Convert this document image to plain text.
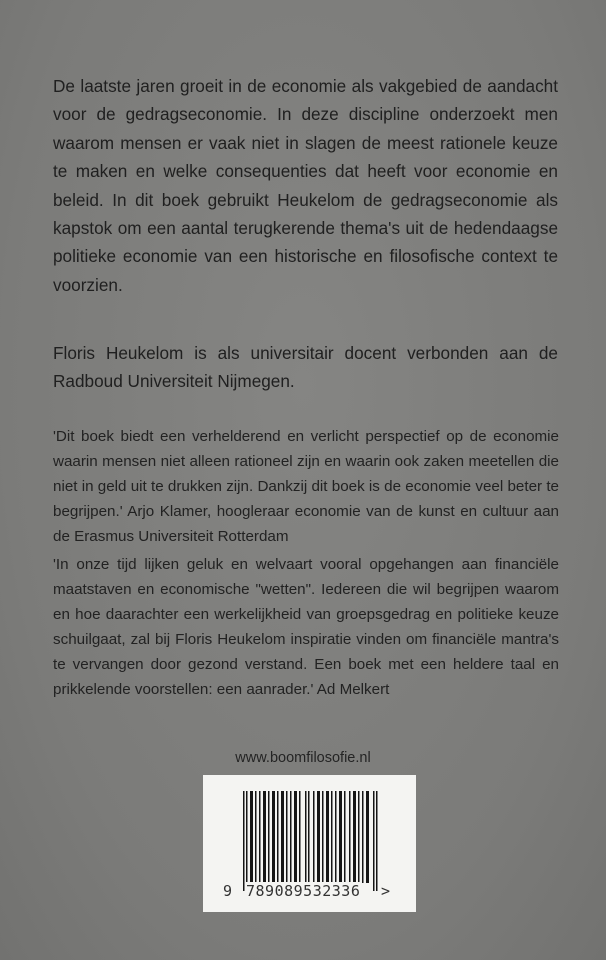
De laatste jaren groeit in de economie als vakgebied de aandacht voor de gedragseconomie. In deze discipline onderzoekt men waarom mensen er vaak niet in slagen de meest rationele keuze te maken en welke consequenties dat heeft voor economie en beleid. In dit boek gebruikt Heukelom de gedragseconomie als kapstok om een aantal terugkerende thema's uit de hedendaagse politieke economie van een historische en filosofische context te voorzien.

Floris Heukelom is als universitair docent verbonden aan de Radboud Universiteit Nijmegen.

'Dit boek biedt een verhelderend en verlicht perspectief op de economie waarin mensen niet alleen rationeel zijn en waarin ook zaken meetellen die niet in geld uit te drukken zijn. Dankzij dit boek is de economie veel beter te begrijpen.' Arjo Klamer, hoogleraar economie van de kunst en cultuur aan de Erasmus Universiteit Rotterdam

'In onze tijd lijken geluk en welvaart vooral opgehangen aan financiële maatstaven en economische "wetten". Iedereen die wil begrijpen waarom en hoe daarachter een werkelijkheid van groepsgedrag en politieke keuze schuilgaat, zal bij Floris Heukelom inspiratie vinden om financiële mantra's te vervangen door gezond verstand. Een boek met een heldere taal en prikkelende voorstellen: een aanrader.' Ad Melkert

www.boomfilosofie.nl
9 789089532336 >
